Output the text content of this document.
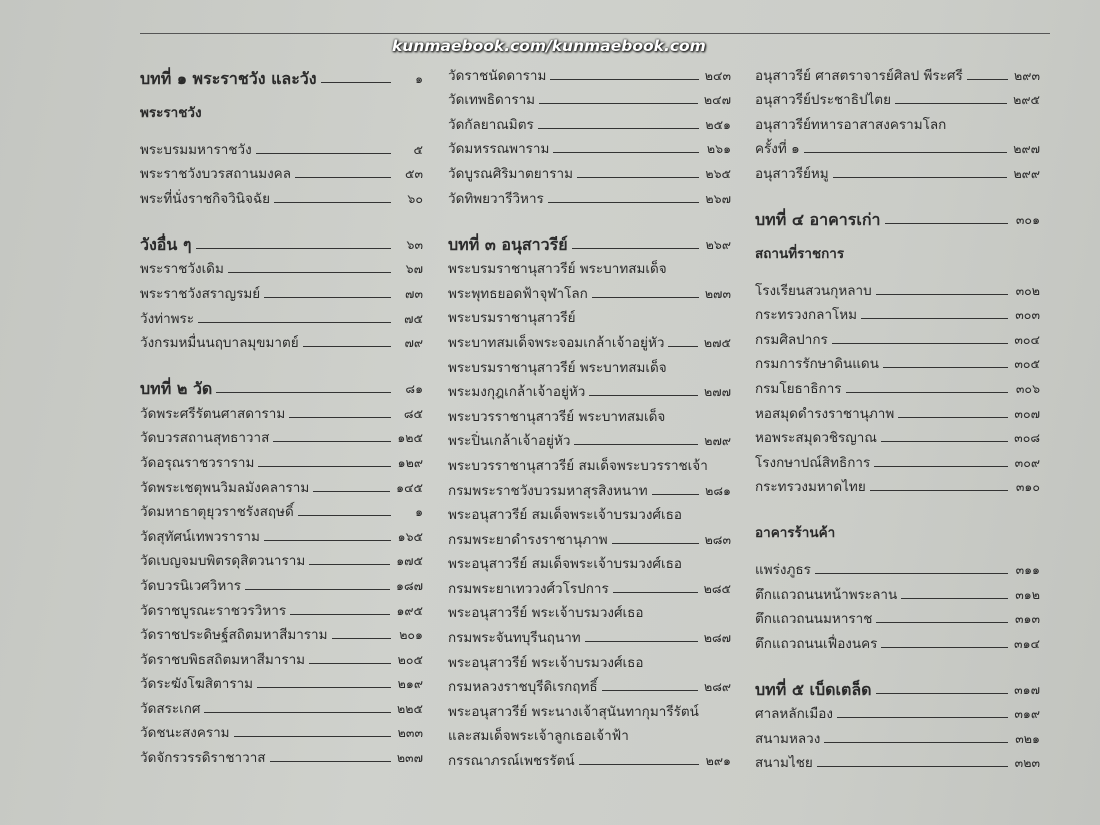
บทที่ ๑ พระราชวัง และวัง	๑
พระราชวัง
พระบรมมหาราชวัง	๕
พระราชวังบวรสถานมงคล	๕๓
พระที่นั่งราชกิจวินิจฉัย	๖๐
วังอื่น ๆ	๖๓
พระราชวังเดิม	๖๗
พระราชวังสราญรมย์	๗๓
วังท่าพระ	๗๕
วังกรมหมื่นนฤบาลมุขมาตย์	๗๙
บทที่ ๒ วัด	๘๑
วัดพระศรีรัตนศาสดาราม	๘๕
วัดบวรสถานสุทธาวาส	๑๒๕
วัดอรุณราชวราราม	๑๒๙
วัดพระเชตุพนวิมลมังคลาราม	๑๔๕
วัดมหาธาตุยุวราชรังสฤษดิ์	๑
วัดสุทัศน์เทพวราราม	๑๖๕
วัดเบญจมบพิตรดุสิตวนาราม	๑๗๕
วัดบวรนิเวศวิหาร	๑๘๗
วัดราชบูรณะราชวรวิหาร	๑๙๕
วัดราชประดิษฐ์สถิตมหาสีมาราม	๒๐๑
วัดราชบพิธสถิตมหาสีมาราม	๒๐๕
วัดระฆังโฆสิตาราม	๒๑๙
วัดสระเกศ	๒๒๕
วัดชนะสงคราม	๒๓๓
วัดจักรวรรดิราชาวาส	๒๓๗
วัดราชนัดดาราม	๒๔๓
วัดเทพธิดาราม	๒๔๗
วัดกัลยาณมิตร	๒๕๑
วัดมหรรณพาราม	๒๖๑
วัดบูรณศิริมาตยาราม	๒๖๕
วัดทิพยวารีวิหาร	๒๖๗
บทที่ ๓ อนุสาวรีย์	๒๖๙
พระบรมราชานุสาวรีย์ พระบาทสมเด็จ
พระพุทธยอดฟ้าจุฬาโลก	๒๗๓
พระบรมราชานุสาวรีย์
พระบาทสมเด็จพระจอมเกล้าเจ้าอยู่หัว	๒๗๕
พระบรมราชานุสาวรีย์ พระบาทสมเด็จ
พระมงกุฎเกล้าเจ้าอยู่หัว	๒๗๗
พระบวรราชานุสาวรีย์ พระบาทสมเด็จ
พระปิ่นเกล้าเจ้าอยู่หัว	๒๗๙
พระบวรราชานุสาวรีย์ สมเด็จพระบวรราชเจ้า
กรมพระราชวังบวรมหาสุรสิงหนาท	๒๘๑
พระอนุสาวรีย์ สมเด็จพระเจ้าบรมวงศ์เธอ
กรมพระยาดำรงราชานุภาพ	๒๘๓
พระอนุสาวรีย์ สมเด็จพระเจ้าบรมวงศ์เธอ
กรมพระยาเทววงศ์วโรปการ	๒๘๕
พระอนุสาวรีย์ พระเจ้าบรมวงศ์เธอ
กรมพระจันทบุรีนฤนาท	๒๘๗
พระอนุสาวรีย์ พระเจ้าบรมวงศ์เธอ
กรมหลวงราชบุรีดิเรกฤทธิ์	๒๘๙
พระอนุสาวรีย์ พระนางเจ้าสุนันทากุมารีรัตน์
และสมเด็จพระเจ้าลูกเธอเจ้าฟ้า
กรรณาภรณ์เพชรรัตน์	๒๙๑
อนุสาวรีย์ ศาสตราจารย์ศิลป พีระศรี	๒๙๓
อนุสาวรีย์ประชาธิปไตย	๒๙๕
อนุสาวรีย์ทหารอาสาสงครามโลก
ครั้งที่ ๑	๒๙๗
อนุสาวรีย์หมู	๒๙๙
บทที่ ๔ อาคารเก่า	๓๐๑
สถานที่ราชการ
โรงเรียนสวนกุหลาบ	๓๐๒
กระทรวงกลาโหม	๓๐๓
กรมศิลปากร	๓๐๔
กรมการรักษาดินแดน	๓๐๕
กรมโยธาธิการ	๓๐๖
หอสมุดดำรงราชานุภาพ	๓๐๗
หอพระสมุดวชิรญาณ	๓๐๘
โรงกษาปณ์สิทธิการ	๓๐๙
กระทรวงมหาดไทย	๓๑๐
อาคารร้านค้า
แพร่งภูธร	๓๑๑
ตึกแถวถนนหน้าพระลาน	๓๑๒
ตึกแถวถนนมหาราช	๓๑๓
ตึกแถวถนนเฟื่องนคร	๓๑๔
บทที่ ๕ เบ็ดเตล็ด	๓๑๗
ศาลหลักเมือง	๓๑๙
สนามหลวง	๓๒๑
สนามไชย	๓๒๓
kunmaebook.com/kunmaebook.com
